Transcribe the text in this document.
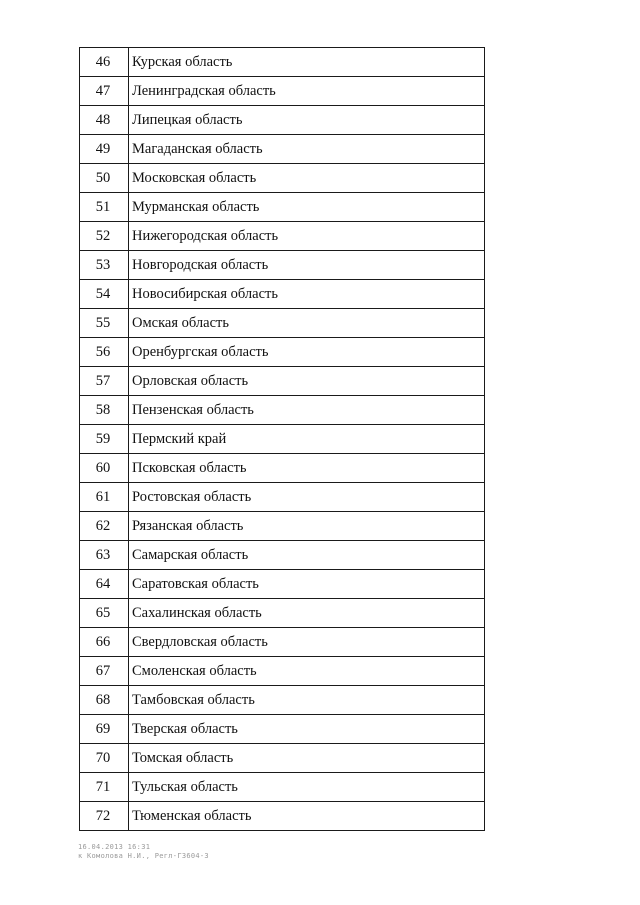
46	Курская область
47	Ленинградская область
48	Липецкая область
49	Магаданская область
50	Московская область
51	Мурманская область
52	Нижегородская область
53	Новгородская область
54	Новосибирская область
55	Омская область
56	Оренбургская область
57	Орловская область
58	Пензенская область
59	Пермский край
60	Псковская область
61	Ростовская область
62	Рязанская область
63	Самарская область
64	Саратовская область
65	Сахалинская область
66	Свердловская область
67	Смоленская область
68	Тамбовская область
69	Тверская область
70	Томская область
71	Тульская область
72	Тюменская область
16.04.2013 16:31
к Комолова Н.И., Регл-Г3604-3
